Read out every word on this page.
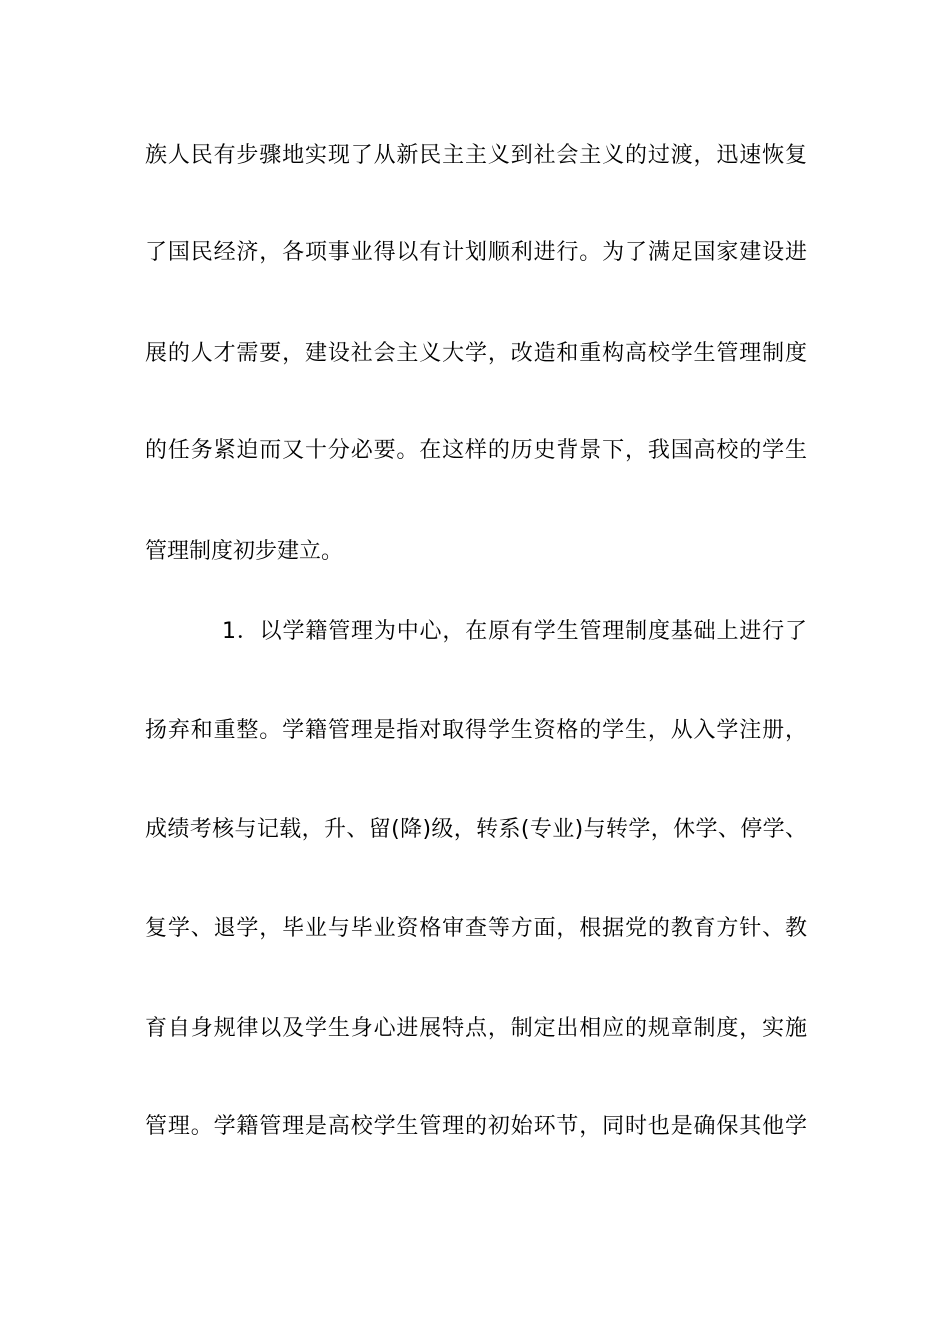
族人民有步骤地实现了从新民主主义到社会主义的过渡，迅速恢复
了国民经济，各项事业得以有计划顺利进行。为了满足国家建设进
展的人才需要，建设社会主义大学，改造和重构高校学生管理制度
的任务紧迫而又十分必要。在这样的历史背景下，我国高校的学生
管理制度初步建立。
1．以学籍管理为中心，在原有学生管理制度基础上进行了
扬弃和重整。学籍管理是指对取得学生资格的学生，从入学注册，
成绩考核与记载，升、留(降)级，转系(专业)与转学，休学、停学、
复学、退学，毕业与毕业资格审查等方面，根据党的教育方针、教
育自身规律以及学生身心进展特点，制定出相应的规章制度，实施
管理。学籍管理是高校学生管理的初始环节，同时也是确保其他学
